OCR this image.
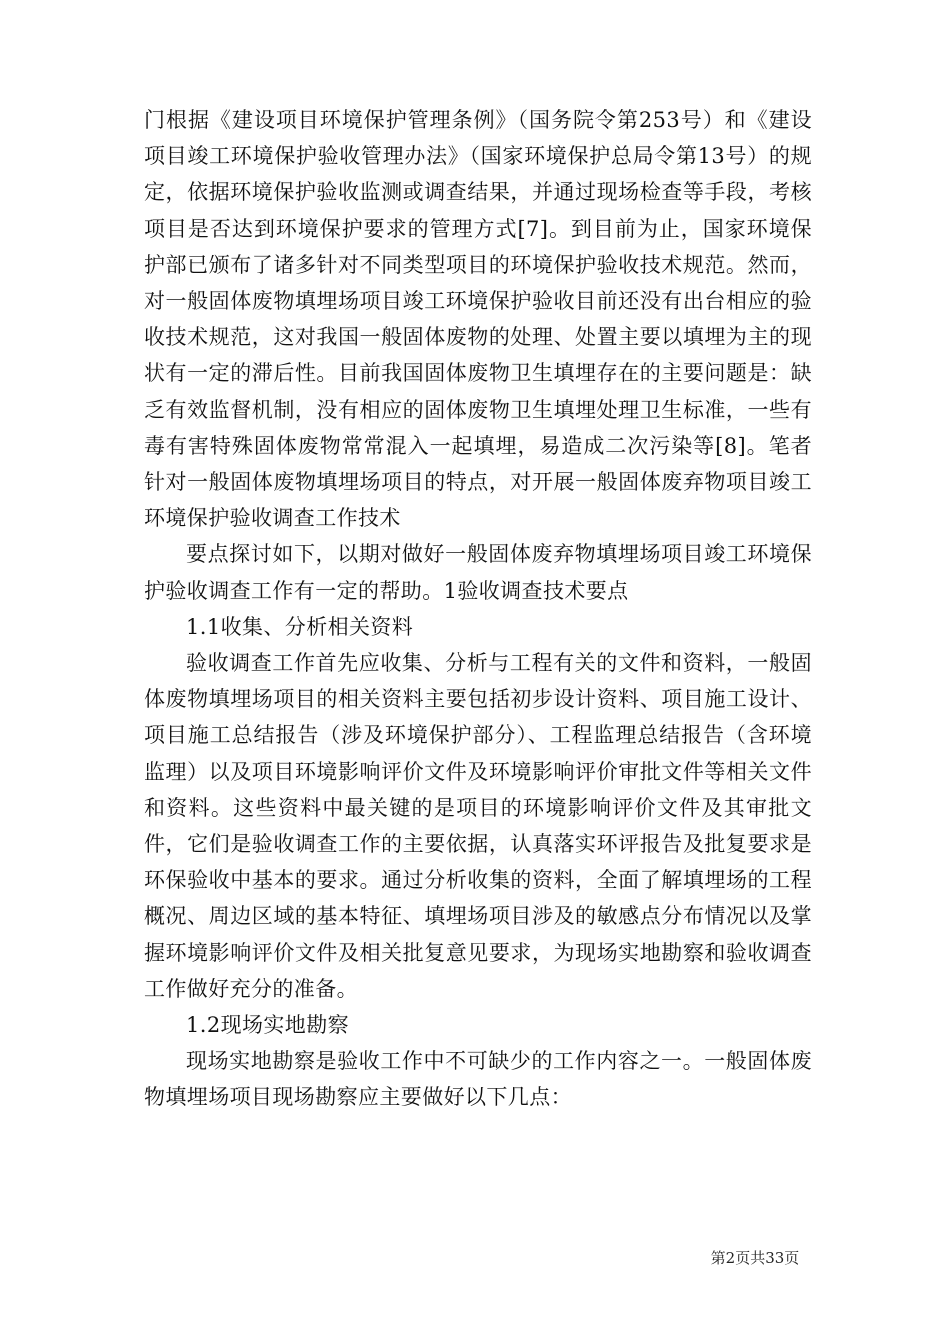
门根据《建设项目环境保护管理条例》（国务院令第253号）和《建设项目竣工环境保护验收管理办法》（国家环境保护总局令第13号）的规定，依据环境保护验收监测或调查结果，并通过现场检查等手段，考核项目是否达到环境保护要求的管理方式[7]。到目前为止，国家环境保护部已颁布了诸多针对不同类型项目的环境保护验收技术规范。然而，对一般固体废物填埋场项目竣工环境保护验收目前还没有出台相应的验收技术规范，这对我国一般固体废物的处理、处置主要以填埋为主的现状有一定的滞后性。目前我国固体废物卫生填埋存在的主要问题是：缺乏有效监督机制，没有相应的固体废物卫生填埋处理卫生标准，一些有毒有害特殊固体废物常常混入一起填埋，易造成二次污染等[8]。笔者针对一般固体废物填埋场项目的特点，对开展一般固体废弃物项目竣工环境保护验收调查工作技术

要点探讨如下，以期对做好一般固体废弃物填埋场项目竣工环境保护验收调查工作有一定的帮助。1验收调查技术要点

1.1收集、分析相关资料

验收调查工作首先应收集、分析与工程有关的文件和资料，一般固体废物填埋场项目的相关资料主要包括初步设计资料、项目施工设计、项目施工总结报告（涉及环境保护部分）、工程监理总结报告（含环境监理）以及项目环境影响评价文件及环境影响评价审批文件等相关文件和资料。这些资料中最关键的是项目的环境影响评价文件及其审批文件，它们是验收调查工作的主要依据，认真落实环评报告及批复要求是环保验收中基本的要求。通过分析收集的资料，全面了解填埋场的工程概况、周边区域的基本特征、填埋场项目涉及的敏感点分布情况以及掌握环境影响评价文件及相关批复意见要求，为现场实地勘察和验收调查工作做好充分的准备。

1.2现场实地勘察

现场实地勘察是验收工作中不可缺少的工作内容之一。一般固体废物填埋场项目现场勘察应主要做好以下几点：

第2页共33页
